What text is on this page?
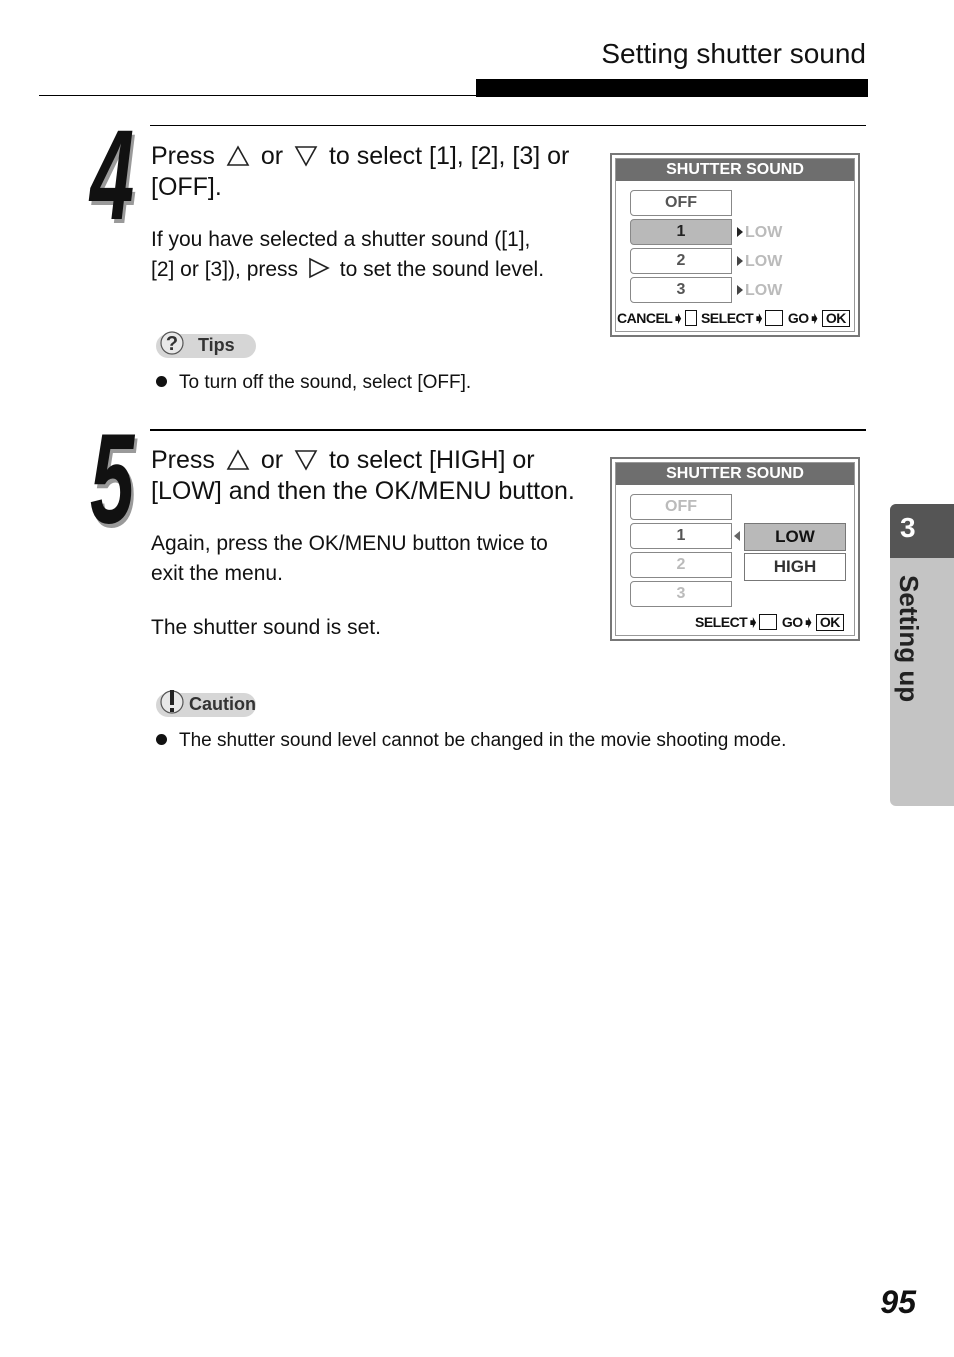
Setting shutter sound
4 Press or to select [1], [2], [3] or
[OFF].
If you have selected a shutter sound ([1],
[2] or [3]), press to set the sound level.
? Tips
To turn off the sound, select [OFF].
SHUTTER SOUND
OFF
1
2
3
LOW
LOW
LOW
CANCEL➧ SELECT➧ GO➧ OK
5 Press or to select [HIGH] or
[LOW] and then the OK/MENU button.
Again, press the OK/MENU button twice to
exit the menu.
The shutter sound is set.
Caution
The shutter sound level cannot be changed in the movie shooting mode.
SHUTTER SOUND
OFF
1
2
3
LOW
HIGH
SELECT➧ GO➧ OK
3
Setting up
95
